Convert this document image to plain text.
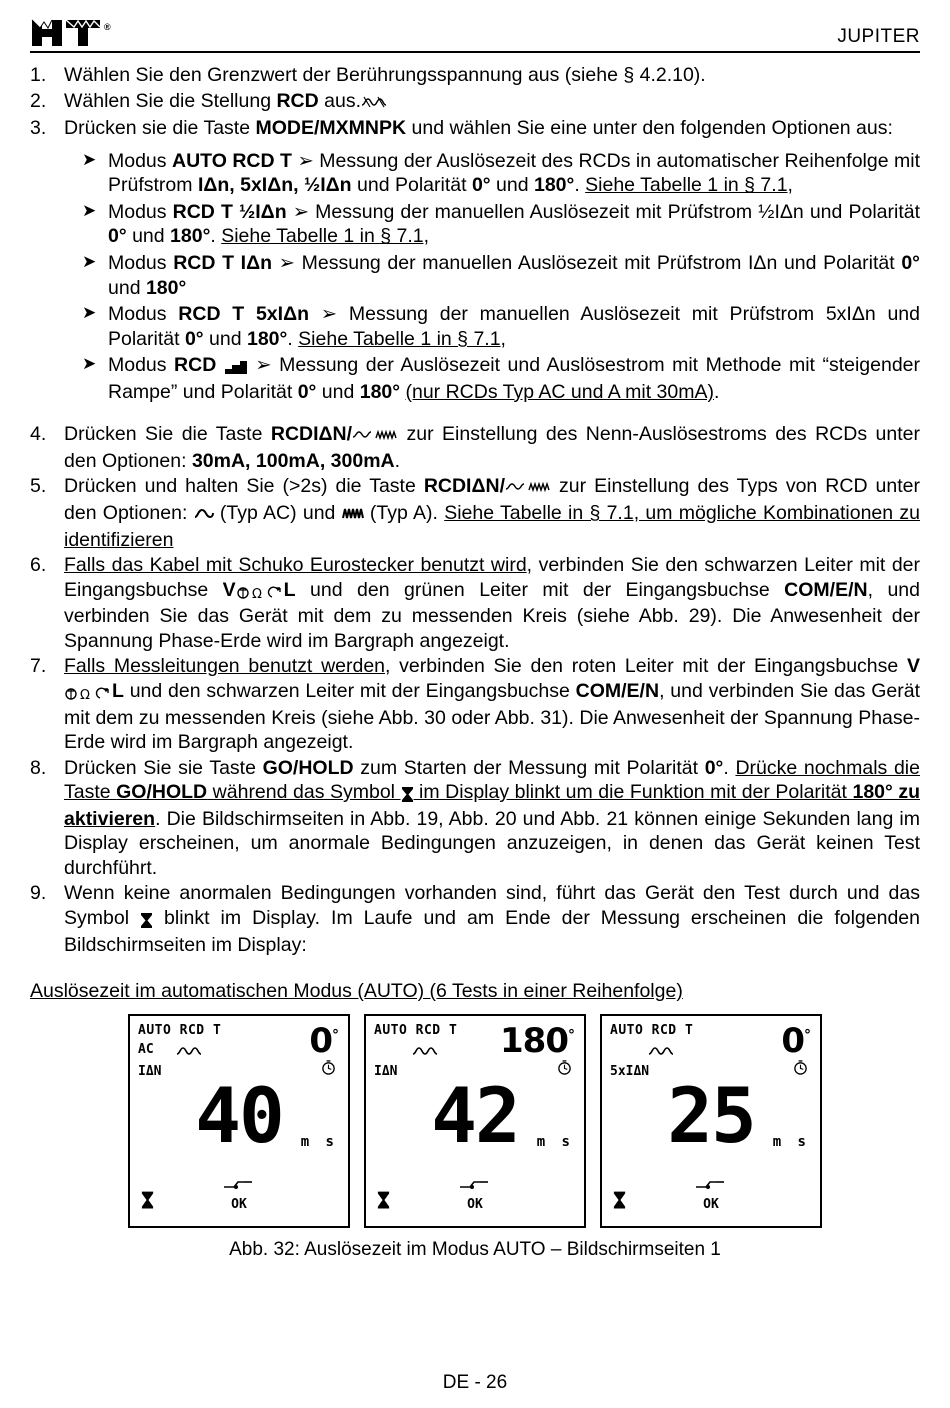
®	JUPITER
1. Wählen Sie den Grenzwert der Berührungsspannung aus (siehe § 4.2.10).
2. Wählen Sie die Stellung RCD aus.
3. Drücken sie die Taste MODE/MXMNPK und wählen Sie eine unter den folgenden Optionen aus:
➤ Modus AUTO RCD T ➢ Messung der Auslösezeit des RCDs in automatischer Reihenfolge mit Prüfstrom IΔn, 5xIΔn, ½IΔn und Polarität 0° und 180°. Siehe Tabelle 1 in § 7.1,
➤ Modus RCD T ½IΔn ➢ Messung der manuellen Auslösezeit mit Prüfstrom ½IΔn und Polarität 0° und 180°. Siehe Tabelle 1 in § 7.1,
➤ Modus RCD T IΔn ➢ Messung der manuellen Auslösezeit mit Prüfstrom IΔn und Polarität 0° und 180°
➤ Modus RCD T 5xIΔn ➢ Messung der manuellen Auslösezeit mit Prüfstrom 5xIΔn und Polarität 0° und 180°. Siehe Tabelle 1 in § 7.1,
➤ Modus RCD ➢ Messung der Auslösezeit und Auslösestrom mit Methode mit “steigender Rampe” und Polarität 0° und 180° (nur RCDs Typ AC und A mit 30mA).
4. Drücken Sie die Taste RCDIΔN/ zur Einstellung des Nenn-Auslösestroms des RCDs unter den Optionen: 30mA, 100mA, 300mA.
5. Drücken und halten Sie (>2s) die Taste RCDIΔN/ zur Einstellung des Typs von RCD unter den Optionen:  (Typ AC) und  (Typ A). Siehe Tabelle in § 7.1, um mögliche Kombinationen zu identifizieren
6. Falls das Kabel mit Schuko Eurostecker benutzt wird, verbinden Sie den schwarzen Leiter mit der Eingangsbuchse V Ω L und den grünen Leiter mit der Eingangsbuchse COM/E/N, und verbinden Sie das Gerät mit dem zu messenden Kreis (siehe Abb. 29). Die Anwesenheit der Spannung Phase-Erde wird im Bargraph angezeigt.
7. Falls Messleitungen benutzt werden, verbinden Sie den roten Leiter mit der Eingangsbuchse V
Ω L und den schwarzen Leiter mit der Eingangsbuchse COM/E/N, und verbinden Sie das Gerät mit dem zu messenden Kreis (siehe Abb. 30 oder Abb. 31). Die Anwesenheit der Spannung Phase-Erde wird im Bargraph angezeigt.
8. Drücken Sie sie Taste GO/HOLD zum Starten der Messung mit Polarität 0°. Drücke nochmals die Taste GO/HOLD während das Symbol  im Display blinkt um die Funktion mit der Polarität 180° zu aktivieren. Die Bildschirmseiten in Abb. 19, Abb. 20 und Abb. 21 können einige Sekunden lang im Display erscheinen, um anormale Bedingungen anzuzeigen, in denen das Gerät keinen Test durchführt.
9. Wenn keine anormalen Bedingungen vorhanden sind, führt das Gerät den Test durch und das Symbol  blinkt im Display. Im Laufe und am Ende der Messung erscheinen die folgenden Bildschirmseiten im Display:
Auslösezeit im automatischen Modus (AUTO) (6 Tests in einer Reihenfolge)
AUTO RCD T
AC
IΔN
0°
40	m s
OK
AUTO RCD T
IΔN
180°
42	m s
OK
AUTO RCD T
5xIΔN
0°
25	m s
OK
Abb. 32: Auslösezeit im Modus AUTO – Bildschirmseiten 1
DE - 26
